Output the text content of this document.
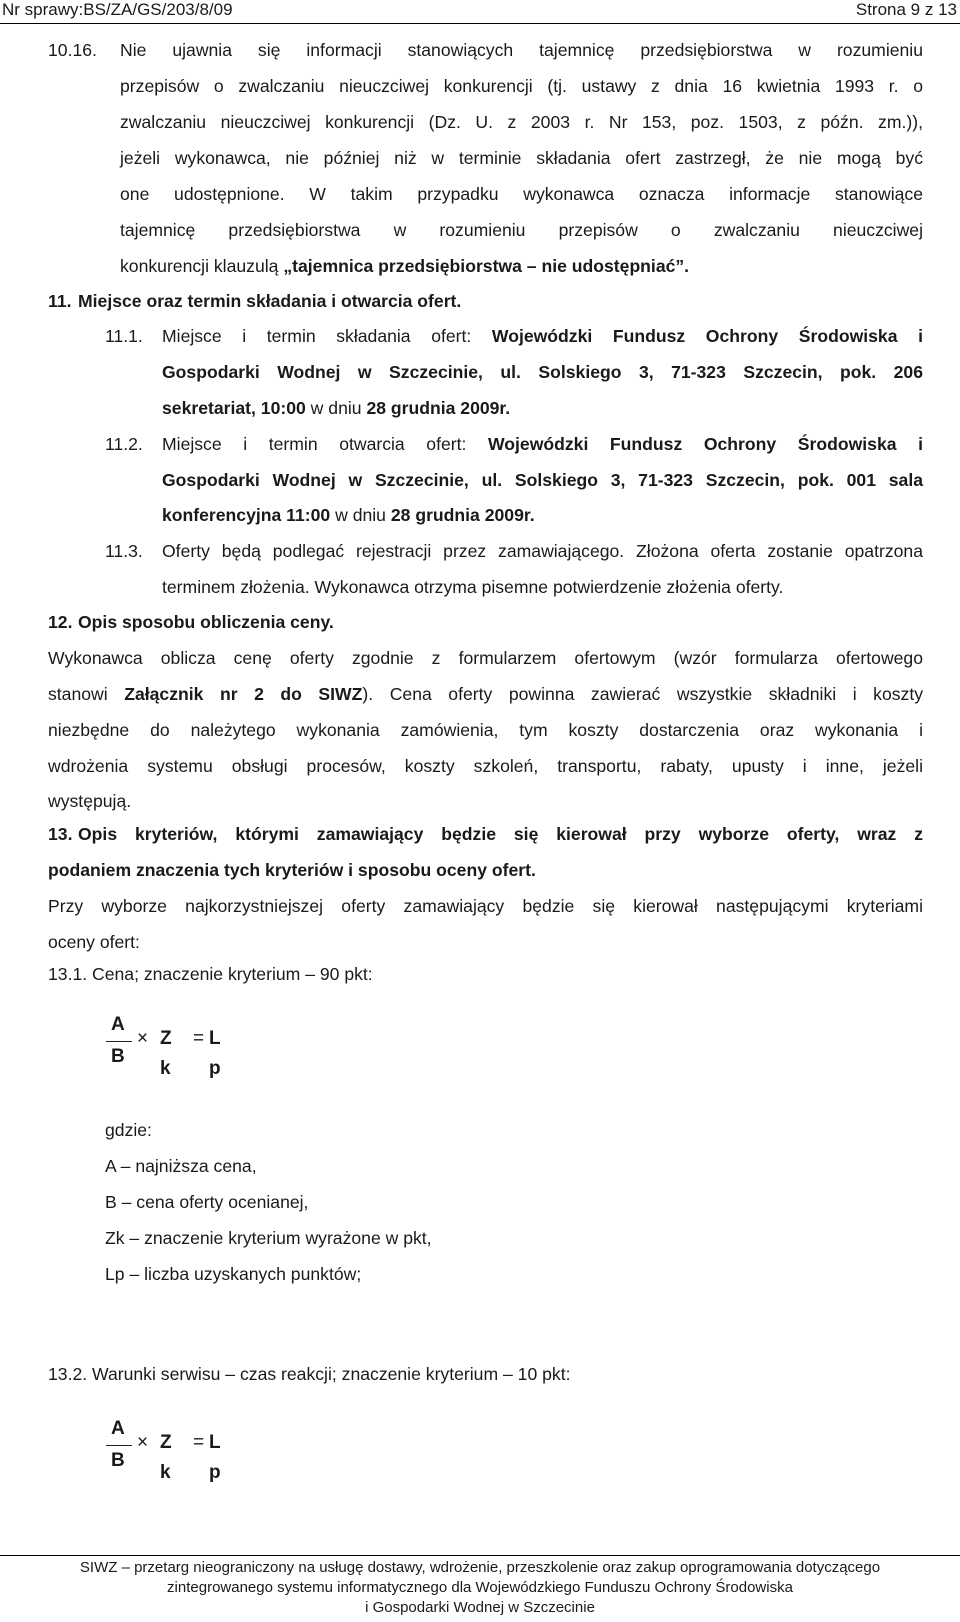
Nr sprawy:BS/ZA/GS/203/8/09	Strona 9 z 13
10.16. Nie ujawnia się informacji stanowiących tajemnicę przedsiębiorstwa w rozumieniu
przepisów o zwalczaniu nieuczciwej konkurencji (tj. ustawy z dnia 16 kwietnia 1993 r. o
zwalczaniu nieuczciwej konkurencji (Dz. U. z 2003 r. Nr 153, poz. 1503, z późn. zm.)),
jeżeli wykonawca, nie później niż w terminie składania ofert zastrzegł, że nie mogą być
one udostępnione. W takim przypadku wykonawca oznacza informacje stanowiące
tajemnicę przedsiębiorstwa w rozumieniu przepisów o zwalczaniu nieuczciwej
konkurencji klauzulą „tajemnica przedsiębiorstwa – nie udostępniać”.
11. Miejsce oraz termin składania i otwarcia ofert.
11.1. Miejsce i termin składania ofert: Wojewódzki Fundusz Ochrony Środowiska i
Gospodarki Wodnej w Szczecinie, ul. Solskiego 3, 71-323 Szczecin, pok. 206
sekretariat, 10:00 w dniu 28 grudnia 2009r.
11.2. Miejsce i termin otwarcia ofert: Wojewódzki Fundusz Ochrony Środowiska i
Gospodarki Wodnej w Szczecinie, ul. Solskiego 3, 71-323 Szczecin, pok. 001 sala
konferencyjna 11:00 w dniu 28 grudnia 2009r.
11.3. Oferty będą podlegać rejestracji przez zamawiającego. Złożona oferta zostanie opatrzona
terminem złożenia. Wykonawca otrzyma pisemne potwierdzenie złożenia oferty.
12. Opis sposobu obliczenia ceny.
Wykonawca oblicza cenę oferty zgodnie z formularzem ofertowym (wzór formularza ofertowego
stanowi Załącznik nr 2 do SIWZ). Cena oferty powinna zawierać wszystkie składniki i koszty
niezbędne do należytego wykonania zamówienia, tym koszty dostarczenia oraz wykonania i
wdrożenia systemu obsługi procesów, koszty szkoleń, transportu, rabaty, upusty i inne, jeżeli
występują.
13. Opis kryteriów, którymi zamawiający będzie się kierował przy wyborze oferty, wraz z
podaniem znaczenia tych kryteriów i sposobu oceny ofert.
Przy wyborze najkorzystniejszej oferty zamawiający będzie się kierował następującymi kryteriami
oceny ofert:
13.1. Cena; znaczenie kryterium – 90 pkt:
A
B
× Z
k
= L
p
gdzie:
A – najniższa cena,
B – cena oferty ocenianej,
Zk – znaczenie kryterium wyrażone w pkt,
Lp – liczba uzyskanych punktów;
13.2. Warunki serwisu – czas reakcji; znaczenie kryterium – 10 pkt:
A
B
× Z
k
= L
p
SIWZ – przetarg nieograniczony na usługę dostawy, wdrożenie, przeszkolenie oraz zakup oprogramowania dotyczącego
zintegrowanego systemu informatycznego dla Wojewódzkiego Funduszu Ochrony Środowiska
i Gospodarki Wodnej w Szczecinie
